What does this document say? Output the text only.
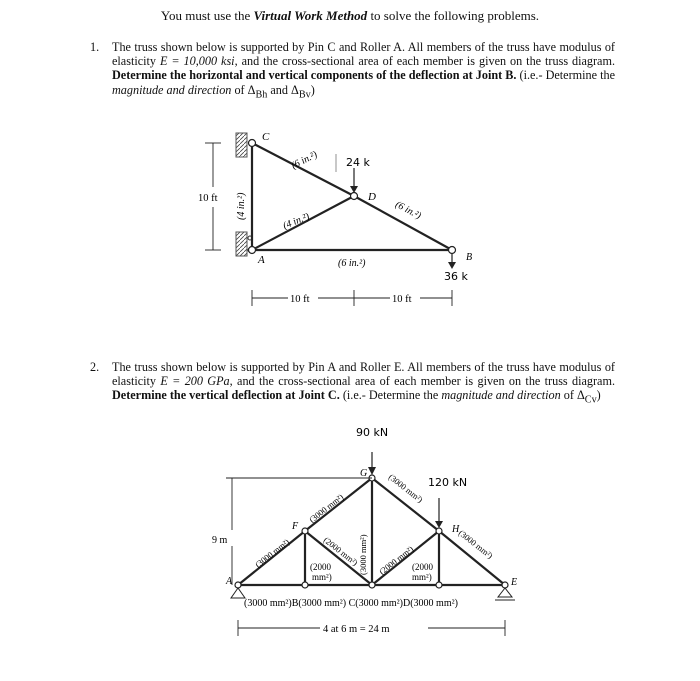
You must use the Virtual Work Method to solve the following problems.
1. The truss shown below is supported by Pin C and Roller A. All members of the truss have modulus of elasticity E = 10,000 ksi, and the cross-sectional area of each member is given on the truss diagram. Determine the horizontal and vertical components of the deflection at Joint B. (i.e.- Determine the magnitude and direction of $\Delta_{Bh}$ and $\Delta_{Bv}$)
C
D
A	B
(6 in.²)
(6 in.²)
(4 in.²)
(4 in.²)
(6 in.²)
24 k
36 k
10 ft
10 ft	10 ft
2. The truss shown below is supported by Pin A and Roller E. All members of the truss have modulus of elasticity E = 200 GPa, and the cross-sectional area of each member is given on the truss diagram. Determine the vertical deflection at Joint C. (i.e.- Determine the magnitude and direction of $\Delta_{Cv}$)
90 kN
120 kN
A
F
G
H
E
(3000 mm²)
(3000 mm²)
(3000 mm²)
(3000 mm²)
(2000 mm²)
(3000 mm²) (2000 mm²)
(2000
mm²)
(2000
mm²)
(3000 mm²)B(3000 mm²) C(3000 mm²)D(3000 mm²)
9 m
4 at 6 m = 24 m
